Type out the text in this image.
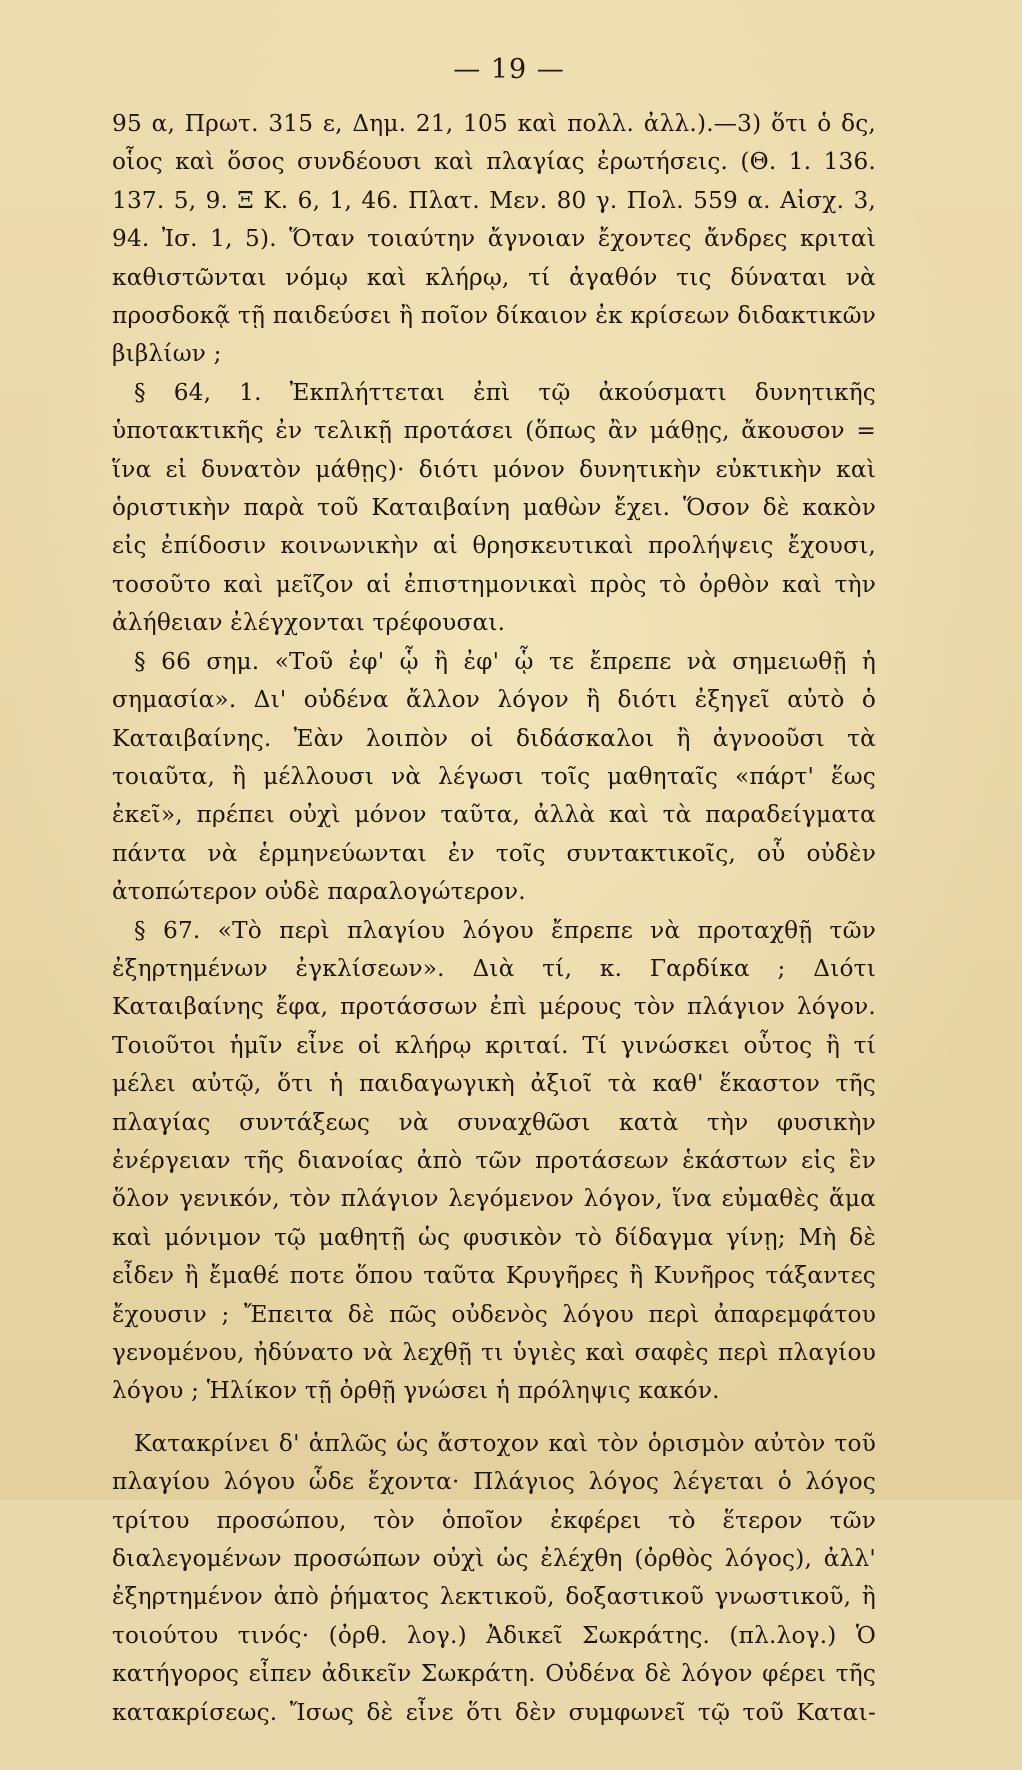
— 19 —

95 α, Πρωτ. 315 ε, Δημ. 21, 105 καὶ πολλ. ἀλλ.).—3) ὅτι ὁ δς, οἷος καὶ ὅσος συνδέουσι καὶ πλαγίας ἐρωτήσεις. (Θ. 1. 136. 137. 5, 9. Ξ Κ. 6, 1, 46. Πλατ. Μεν. 80 γ. Πολ. 559 α. Αἰσχ. 3, 94. Ἰσ. 1, 5). Ὅταν τοιαύτην ἄγνοιαν ἔχοντες ἄνδρες κριταὶ καθιστῶνται νόμῳ καὶ κλήρῳ, τί ἀγαθόν τις δύναται νὰ προσδοκᾷ τῇ παιδεύσει ἢ ποῖον δίκαιον ἐκ κρίσεων διδακτικῶν βιβλίων ;

§ 64, 1. Ἐκπλήττεται ἐπὶ τῷ ἀκούσματι δυνητικῆς ὑποτακτικῆς ἐν τελικῇ προτάσει (ὅπως ἂν μάθῃς, ἄκουσον = ἵνα εἰ δυνατὸν μάθῃς)· διότι μόνον δυνητικὴν εὐκτικὴν καὶ ὁριστικὴν παρὰ τοῦ Καταιβαίνη μαθὼν ἔχει. Ὅσον δὲ κακὸν εἰς ἐπίδοσιν κοινωνικὴν αἱ θρησκευτικαὶ προλήψεις ἔχουσι, τοσοῦτο καὶ μεῖζον αἱ ἐπιστημονικαὶ πρὸς τὸ ὀρθὸν καὶ τὴν ἀλήθειαν ἐλέγχονται τρέφουσαι.

§ 66 σημ. «Τοῦ ἐφ' ᾧ ἢ ἐφ' ᾧ τε ἔπρεπε νὰ σημειωθῇ ἡ σημασία». Δι' οὐδένα ἄλλον λόγον ἢ διότι ἐξηγεῖ αὐτὸ ὁ Καταιβαίνης. Ἐὰν λοιπὸν οἱ διδάσκαλοι ἢ ἀγνοοῦσι τὰ τοιαῦτα, ἢ μέλλουσι νὰ λέγωσι τοῖς μαθηταῖς «πάρτ' ἕως ἐκεῖ», πρέπει οὐχὶ μόνον ταῦτα, ἀλλὰ καὶ τὰ παραδείγματα πάντα νὰ ἑρμηνεύωνται ἐν τοῖς συντακτικοῖς, οὗ οὐδὲν ἀτοπώτερον οὐδὲ παραλογώτερον.

§ 67. «Τὸ περὶ πλαγίου λόγου ἔπρεπε νὰ προταχθῇ τῶν ἐξηρτημένων ἐγκλίσεων». Διὰ τί, κ. Γαρδίκα ; Διότι Καταιβαίνης ἔφα, προτάσσων ἐπὶ μέρους τὸν πλάγιον λόγον. Τοιοῦτοι ἡμῖν εἶνε οἱ κλήρῳ κριταί. Τί γινώσκει οὗτος ἢ τί μέλει αὐτῷ, ὅτι ἡ παιδαγωγικὴ ἀξιοῖ τὰ καθ' ἕκαστον τῆς πλαγίας συντάξεως νὰ συναχθῶσι κατὰ τὴν φυσικὴν ἐνέργειαν τῆς διανοίας ἀπὸ τῶν προτάσεων ἑκάστων εἰς ἓν ὅλον γενικόν, τὸν πλάγιον λεγόμενον λόγον, ἵνα εὐμαθὲς ἅμα καὶ μόνιμον τῷ μαθητῇ ὡς φυσικὸν τὸ δίδαγμα γίνῃ; Μὴ δὲ εἶδεν ἢ ἔμαθέ ποτε ὅπου ταῦτα Κρυγῆρες ἢ Κυνῆρος τάξαντες ἔχουσιν ; Ἔπειτα δὲ πῶς οὐδενὸς λόγου περὶ ἀπαρεμφάτου γενομένου, ἠδύνατο νὰ λεχθῇ τι ὑγιὲς καὶ σαφὲς περὶ πλαγίου λόγου ; Ἡλίκον τῇ ὀρθῇ γνώσει ἡ πρόληψις κακόν.

Κατακρίνει δ' ἁπλῶς ὡς ἄστοχον καὶ τὸν ὁρισμὸν αὐτὸν τοῦ πλαγίου λόγου ὧδε ἔχοντα· Πλάγιος λόγος λέγεται ὁ λόγος τρίτου προσώπου, τὸν ὁποῖον ἐκφέρει τὸ ἕτερον τῶν διαλεγομένων προσώπων οὐχὶ ὡς ἐλέχθη (ὀρθὸς λόγος), ἀλλ' ἐξηρτημένον ἀπὸ ῥήματος λεκτικοῦ, δοξαστικοῦ γνωστικοῦ, ἢ τοιούτου τινός· (ὀρθ. λογ.) Ἀδικεῖ Σωκράτης. (πλ.λογ.) Ὁ κατήγορος εἶπεν ἀδικεῖν Σωκράτη. Οὐδένα δὲ λόγον φέρει τῆς κατακρίσεως. Ἴσως δὲ εἶνε ὅτι δὲν συμφωνεῖ τῷ τοῦ Καται-
